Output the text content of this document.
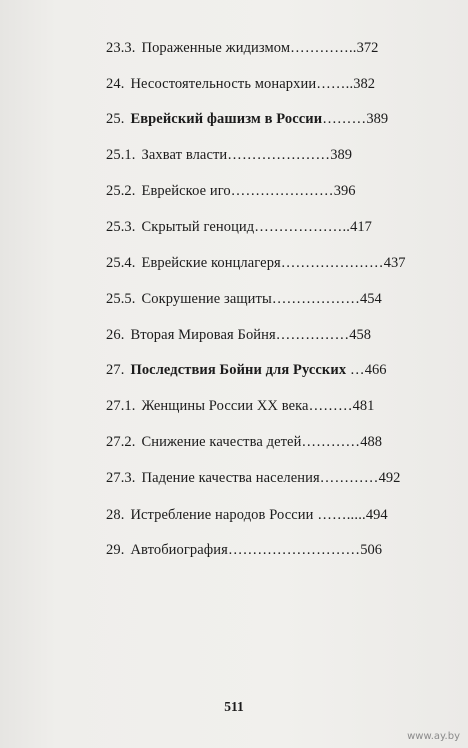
23.3. Пораженные жидизмом…………..372
24. Несостоятельность монархии……..382
25. Еврейский фашизм в России………389
25.1. Захват власти…………………389
25.2. Еврейское иго…………………396
25.3. Скрытый геноцид………………..417
25.4. Еврейские концлагеря…………………437
25.5. Сокрушение защиты………………454
26. Вторая Мировая Бойня……………458
27. Последствия Бойни для Русских …466
27.1. Женщины России XX века………481
27.2. Снижение качества детей…………488
27.3. Падение качества населения…………492
28. Истребление народов России …….....494
29. Автобиография………………………506
511
www.ay.by
